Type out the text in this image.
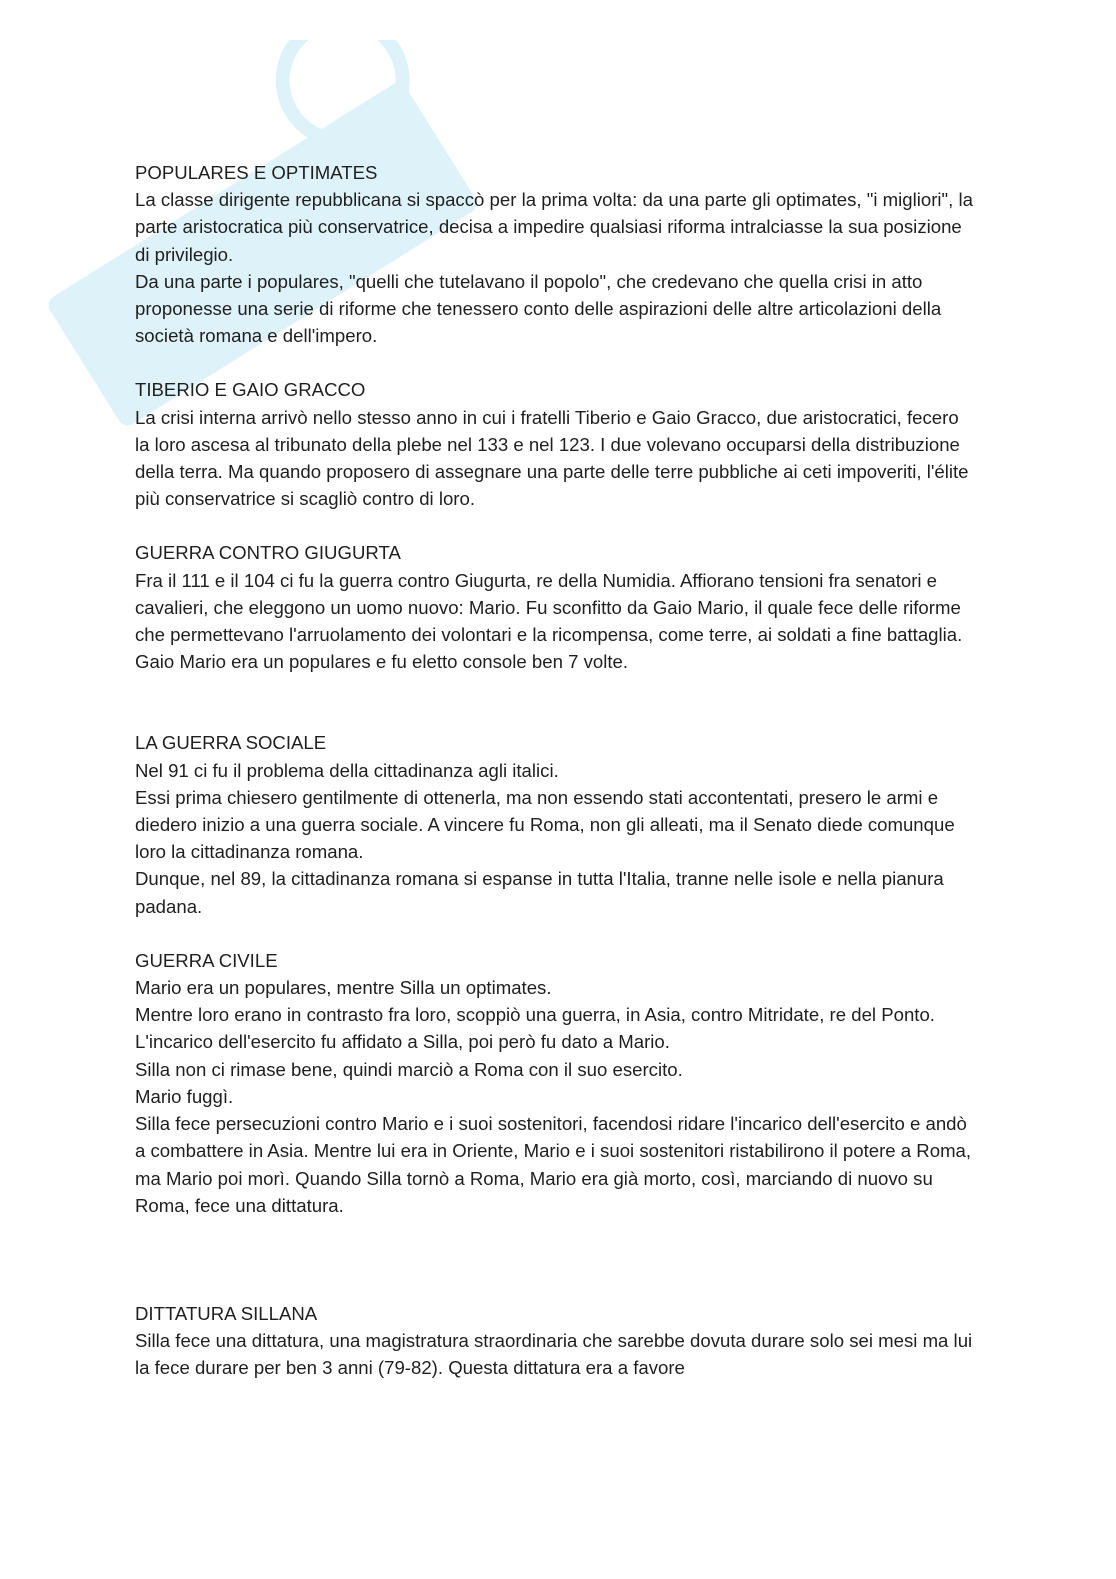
POPULARES E OPTIMATES

La classe dirigente repubblicana si spaccò per la prima volta: da una parte gli optimates, "i migliori", la parte aristocratica più conservatrice, decisa a impedire qualsiasi riforma intralciasse la sua posizione di privilegio.

Da una parte i populares, "quelli che tutelavano il popolo", che credevano che quella crisi in atto proponesse una serie di riforme che tenessero conto delle aspirazioni delle altre articolazioni della società romana e dell'impero.

TIBERIO E GAIO GRACCO

La crisi interna arrivò nello stesso anno in cui i fratelli Tiberio e Gaio Gracco, due aristocratici, fecero la loro ascesa al tribunato della plebe nel 133 e nel 123. I due volevano occuparsi della distribuzione della terra. Ma quando proposero di assegnare una parte delle terre pubbliche ai ceti impoveriti, l'élite più conservatrice si scagliò contro di loro.

GUERRA CONTRO GIUGURTA

Fra il 111 e il 104 ci fu la guerra contro Giugurta, re della Numidia. Affiorano tensioni fra senatori e cavalieri, che eleggono un uomo nuovo: Mario. Fu sconfitto da Gaio Mario, il quale fece delle riforme che permettevano l'arruolamento dei volontari e la ricompensa, come terre, ai soldati a fine battaglia. Gaio Mario era un populares e fu eletto console ben 7 volte.

LA GUERRA SOCIALE

Nel 91 ci fu il problema della cittadinanza agli italici.

Essi prima chiesero gentilmente di ottenerla, ma non essendo stati accontentati, presero le armi e diedero inizio a una guerra sociale. A vincere fu Roma, non gli alleati, ma il Senato diede comunque loro la cittadinanza romana.

Dunque, nel 89, la cittadinanza romana si espanse in tutta l'Italia, tranne nelle isole e nella pianura padana.

GUERRA CIVILE

Mario era un populares, mentre Silla un optimates.

Mentre loro erano in contrasto fra loro, scoppiò una guerra, in Asia, contro Mitridate, re del Ponto.

L'incarico dell'esercito fu affidato a Silla, poi però fu dato a Mario.

Silla non ci rimase bene, quindi marciò a Roma con il suo esercito.

Mario fuggì.

Silla fece persecuzioni contro Mario e i suoi sostenitori, facendosi ridare l'incarico dell'esercito e andò a combattere in Asia. Mentre lui era in Oriente, Mario e i suoi sostenitori ristabilirono il potere a Roma, ma Mario poi morì. Quando Silla tornò a Roma, Mario era già morto, così, marciando di nuovo su Roma, fece una dittatura.

DITTATURA SILLANA

Silla fece una dittatura, una magistratura straordinaria che sarebbe dovuta durare solo sei mesi ma lui la fece durare per ben 3 anni (79-82). Questa dittatura era a favore
